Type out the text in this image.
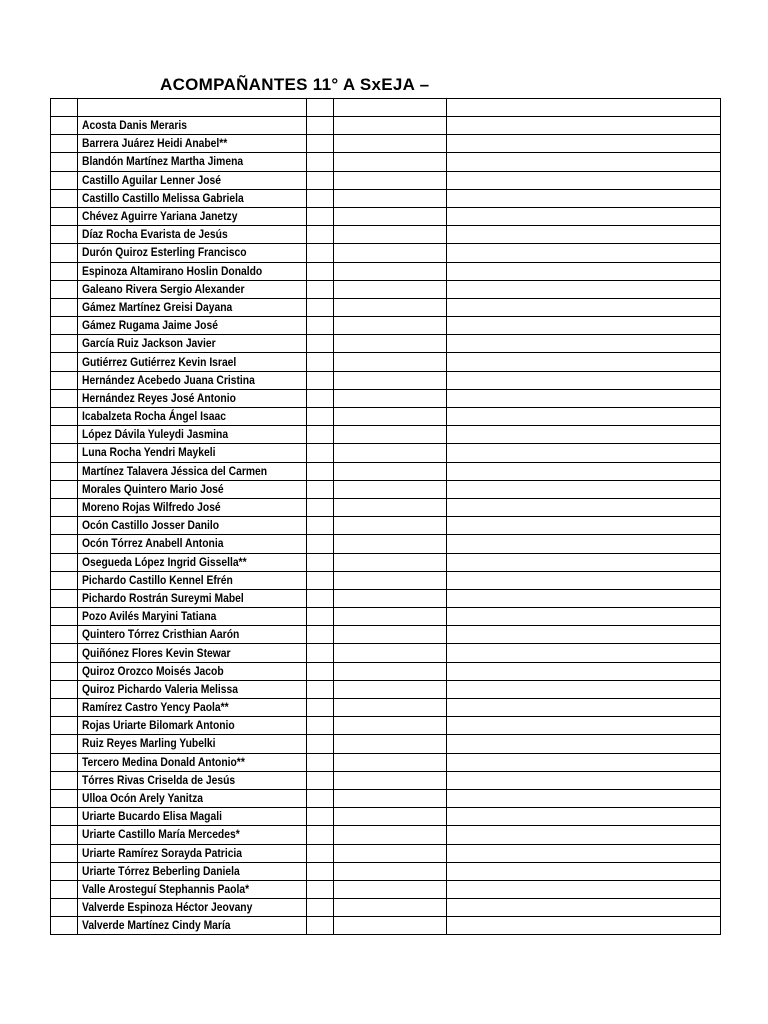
ACOMPAÑANTES 11° A SxEJA –

	Acosta Danis Meraris			
	Barrera Juárez Heidi Anabel**			
	Blandón Martínez Martha Jimena			
	Castillo Aguilar Lenner José			
	Castillo Castillo Melissa Gabriela			
	Chévez Aguirre Yariana Janetzy			
	Díaz Rocha Evarista de Jesús			
	Durón Quiroz Esterling Francisco			
	Espinoza Altamirano Hoslin Donaldo			
	Galeano Rivera Sergio Alexander			
	Gámez Martínez Greisi Dayana			
	Gámez Rugama Jaime José			
	García Ruiz Jackson Javier			
	Gutiérrez Gutiérrez Kevin Israel			
	Hernández Acebedo Juana Cristina			
	Hernández Reyes José Antonio			
	Icabalzeta Rocha Ángel Isaac			
	López Dávila Yuleydi Jasmina			
	Luna Rocha Yendri Maykeli			
	Martínez Talavera Jéssica del Carmen			
	Morales Quintero Mario José			
	Moreno Rojas Wilfredo José			
	Ocón Castillo Josser Danilo			
	Ocón Tórrez Anabell Antonia			
	Osegueda López Ingrid Gissella**			
	Pichardo Castillo Kennel Efrén			
	Pichardo Rostrán Sureymi Mabel			
	Pozo Avilés Maryini Tatiana			
	Quintero Tórrez Cristhian Aarón			
	Quiñónez Flores Kevin Stewar			
	Quiroz Orozco Moisés Jacob			
	Quiroz Pichardo Valeria Melissa			
	Ramírez Castro Yency Paola**			
	Rojas Uriarte Bilomark Antonio			
	Ruiz Reyes Marling Yubelki			
	Tercero Medina Donald Antonio**			
	Tórres Rivas Criselda de Jesús			
	Ulloa Ocón Arely Yanitza			
	Uriarte Bucardo Elisa Magali			
	Uriarte Castillo María Mercedes*			
	Uriarte Ramírez Sorayda Patricia			
	Uriarte Tórrez Beberling Daniela			
	Valle Arosteguí Stephannis Paola*			
	Valverde Espinoza Héctor Jeovany			
	Valverde Martínez Cindy María			
